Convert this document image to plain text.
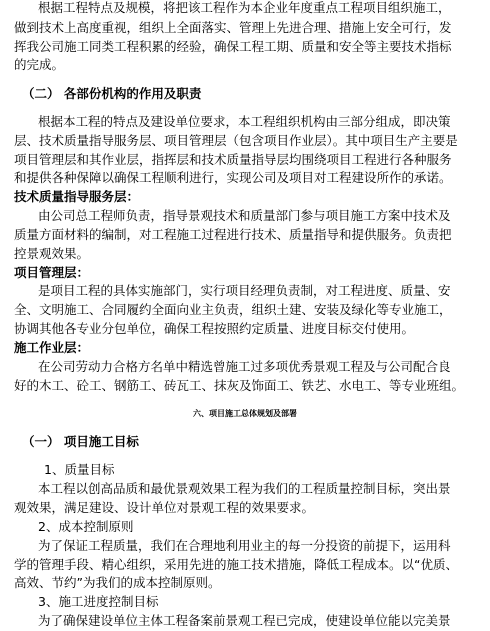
根据工程特点及规模，将把该工程作为本企业年度重点工程项目组织施工，
做到技术上高度重视，组织上全面落实、管理上先进合理、措施上安全可行，发
挥我公司施工同类工程积累的经验，确保工程工期、质量和安全等主要技术指标
的完成。
（二） 各部份机构的作用及职责
根据本工程的特点及建设单位要求，本工程组织机构由三部分组成，即决策
层、技术质量指导服务层、项目管理层（包含项目作业层）。其中项目生产主要是
项目管理层和其作业层，指挥层和技术质量指导层均围绕项目工程进行各种服务
和提供各种保障以确保工程顺利进行，实现公司及项目对工程建设所作的承诺。
技术质量指导服务层：
由公司总工程师负责，指导景观技术和质量部门参与项目施工方案中技术及
质量方面材料的编制，对工程施工过程进行技术、质量指导和提供服务。负责把
控景观效果。
项目管理层：
是项目工程的具体实施部门，实行项目经理负责制，对工程进度、质量、安
全、文明施工、合同履约全面向业主负责，组织土建、安装及绿化等专业施工，
协调其他各专业分包单位，确保工程按照约定质量、进度目标交付使用。
施工作业层：
在公司劳动力合格方名单中精选曾施工过多项优秀景观工程及与公司配合良
好的木工、砼工、钢筋工、砖瓦工、抹灰及饰面工、铁艺、水电工、等专业班组。
六、项目施工总体规划及部署
（一） 项目施工目标
1、质量目标
本工程以创高品质和最优景观效果工程为我们的工程质量控制目标，突出景
观效果，满足建设、设计单位对景观工程的效果要求。
2、成本控制原则
为了保证工程质量，我们在合理地利用业主的每一分投资的前提下，运用科
学的管理手段、精心组织，采用先进的施工技术措施，降低工程成本。以“优质、
高效、节约”为我们的成本控制原则。
3、施工进度控制目标
为了确保建设单位主体工程备案前景观工程已完成，使建设单位能以完美景
